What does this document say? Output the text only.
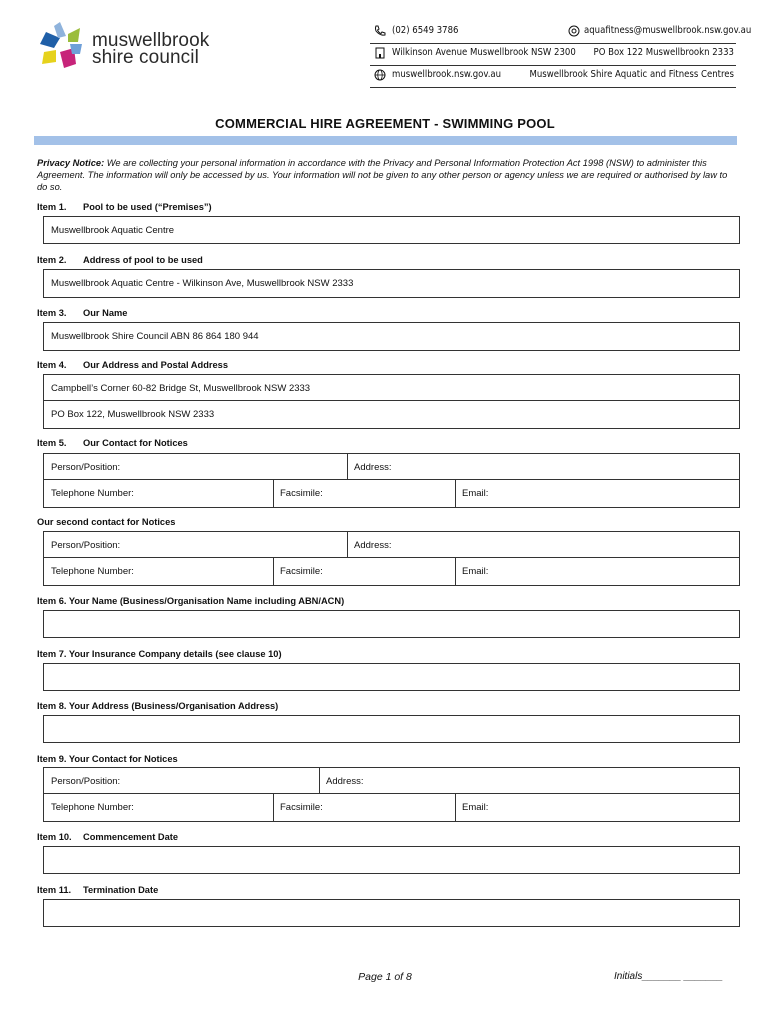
muswellbrook
shire council
(02) 6549 3786	aquafitness@muswellbrook.nsw.gov.au
Wilkinson Avenue Muswellbrook NSW 2300 PO Box 122 Muswellbrookn 2333
muswellbrook.nsw.gov.au	Muswellbrook Shire Aquatic and Fitness Centres
COMMERCIAL HIRE AGREEMENT - SWIMMING POOL
Privacy Notice: We are collecting your personal information in accordance with the Privacy and Personal Information Protection Act 1998 (NSW) to administer this Agreement. The information will only be accessed by us. Your information will not be given to any other person or agency unless we are required or authorised by law to do so.
Item 1. Pool to be used (“Premises”)
Muswellbrook Aquatic Centre
Item 2. Address of pool to be used
Muswellbrook Aquatic Centre - Wilkinson Ave, Muswellbrook NSW 2333
Item 3. Our Name
Muswellbrook Shire Council ABN 86 864 180 944
Item 4. Our Address and Postal Address
Campbell’s Corner 60-82 Bridge St, Muswellbrook NSW 2333
PO Box 122, Muswellbrook NSW 2333
Item 5. Our Contact for Notices
Person/Position:	Address:
Telephone Number:	Facsimile:	Email:
Our second contact for Notices
Person/Position:	Address:
Telephone Number:	Facsimile:	Email:
Item 6. Your Name (Business/Organisation Name including ABN/ACN)
Item 7. Your Insurance Company details (see clause 10)
Item 8. Your Address (Business/Organisation Address)
Item 9. Your Contact for Notices
Person/Position:	Address:
Telephone Number:	Facsimile:	Email:
Item 10. Commencement Date
Item 11. Termination Date
Page 1 of 8	Initials_______ _______
